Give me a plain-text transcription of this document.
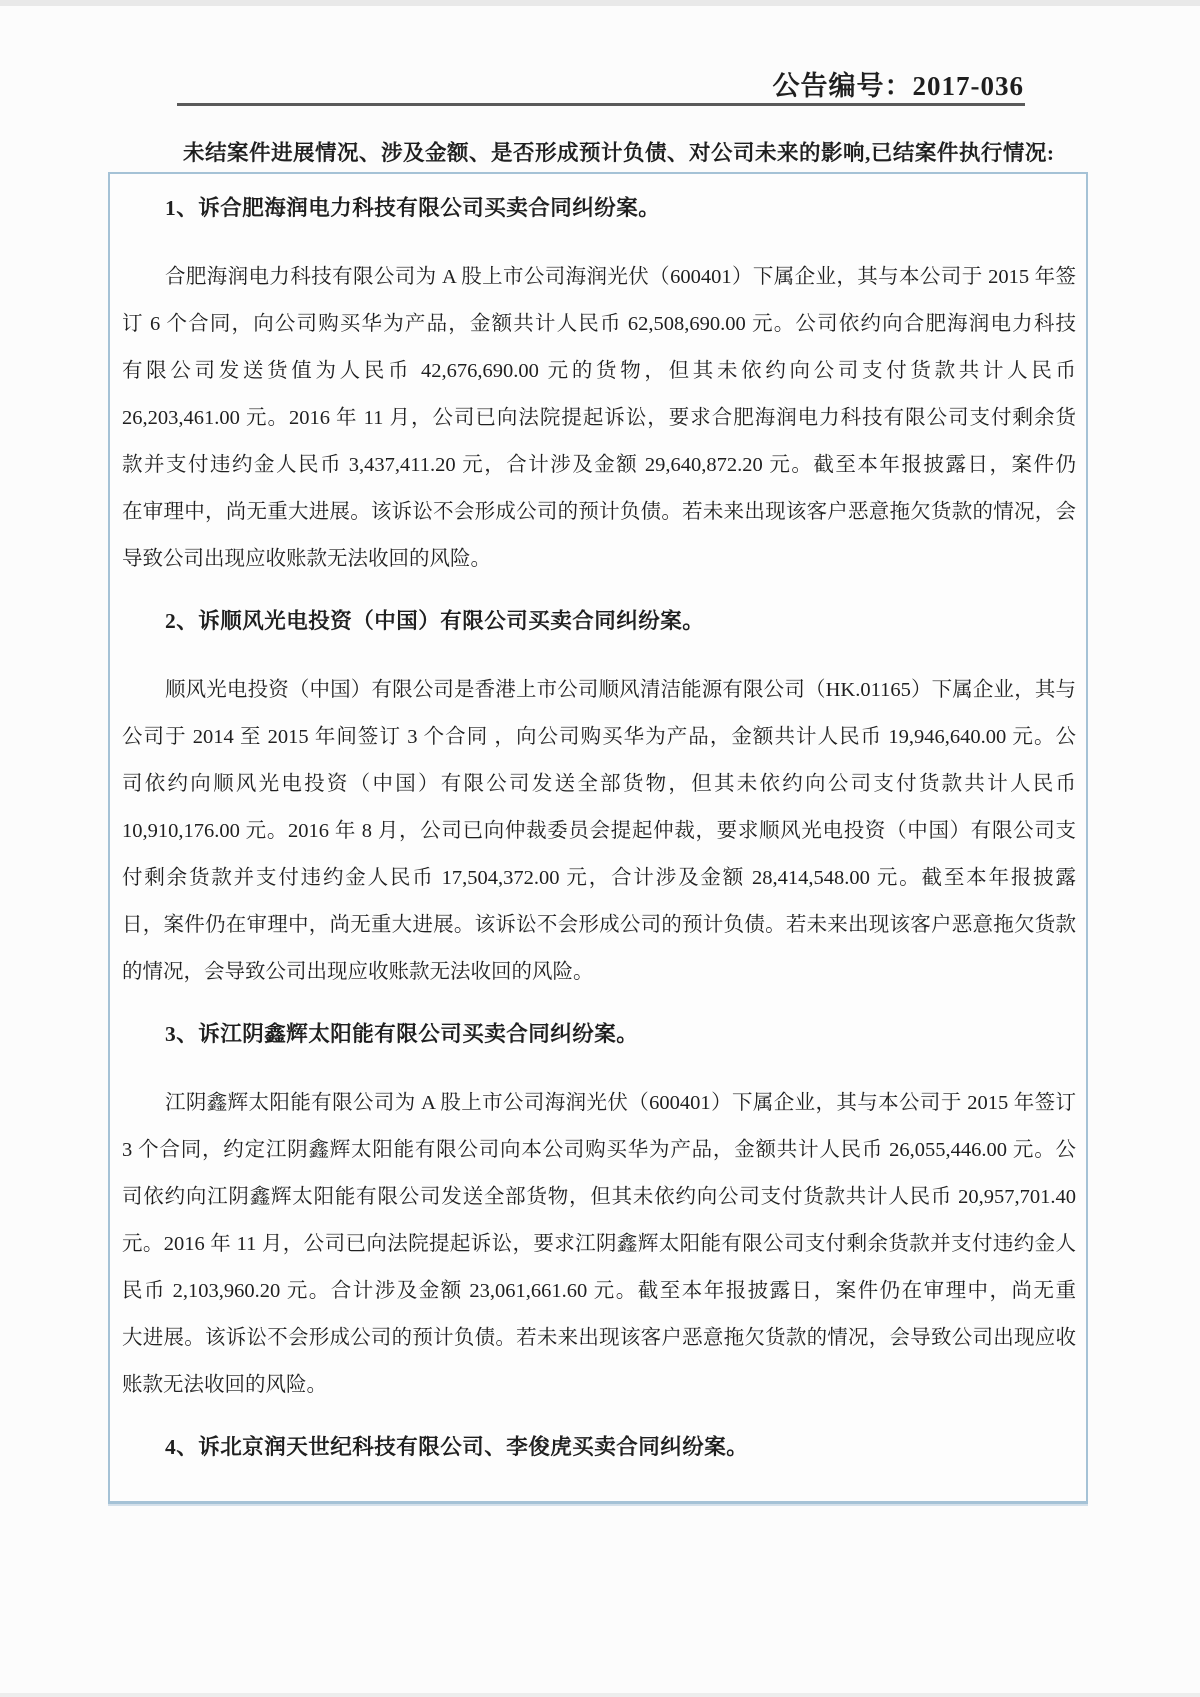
公告编号：2017-036
未结案件进展情况、涉及金额、是否形成预计负债、对公司未来的影响,已结案件执行情况:
1、诉合肥海润电力科技有限公司买卖合同纠纷案。
合肥海润电力科技有限公司为 A 股上市公司海润光伏（600401）下属企业，其与本公司于 2015 年签
订 6 个合同，向公司购买华为产品，金额共计人民币 62,508,690.00 元。公司依约向合肥海润电力科技
有限公司发送货值为人民币 42,676,690.00 元的货物，但其未依约向公司支付货款共计人民币
26,203,461.00 元。2016 年 11 月，公司已向法院提起诉讼，要求合肥海润电力科技有限公司支付剩余货
款并支付违约金人民币 3,437,411.20 元，合计涉及金额 29,640,872.20 元。截至本年报披露日，案件仍
在审理中，尚无重大进展。该诉讼不会形成公司的预计负债。若未来出现该客户恶意拖欠货款的情况，会
导致公司出现应收账款无法收回的风险。
2、诉顺风光电投资（中国）有限公司买卖合同纠纷案。
顺风光电投资（中国）有限公司是香港上市公司顺风清洁能源有限公司（HK.01165）下属企业，其与
公司于 2014 至 2015 年间签订 3 个合同 ，向公司购买华为产品，金额共计人民币 19,946,640.00 元。公
司依约向顺风光电投资（中国）有限公司发送全部货物，但其未依约向公司支付货款共计人民币
10,910,176.00 元。2016 年 8 月，公司已向仲裁委员会提起仲裁，要求顺风光电投资（中国）有限公司支
付剩余货款并支付违约金人民币 17,504,372.00 元，合计涉及金额 28,414,548.00 元。截至本年报披露
日，案件仍在审理中，尚无重大进展。该诉讼不会形成公司的预计负债。若未来出现该客户恶意拖欠货款
的情况，会导致公司出现应收账款无法收回的风险。
3、诉江阴鑫辉太阳能有限公司买卖合同纠纷案。
江阴鑫辉太阳能有限公司为 A 股上市公司海润光伏（600401）下属企业，其与本公司于 2015 年签订
3 个合同，约定江阴鑫辉太阳能有限公司向本公司购买华为产品，金额共计人民币 26,055,446.00 元。公
司依约向江阴鑫辉太阳能有限公司发送全部货物，但其未依约向公司支付货款共计人民币 20,957,701.40
元。2016 年 11 月，公司已向法院提起诉讼，要求江阴鑫辉太阳能有限公司支付剩余货款并支付违约金人
民币 2,103,960.20 元。合计涉及金额 23,061,661.60 元。截至本年报披露日，案件仍在审理中，尚无重
大进展。该诉讼不会形成公司的预计负债。若未来出现该客户恶意拖欠货款的情况，会导致公司出现应收
账款无法收回的风险。
4、诉北京润天世纪科技有限公司、李俊虎买卖合同纠纷案。
